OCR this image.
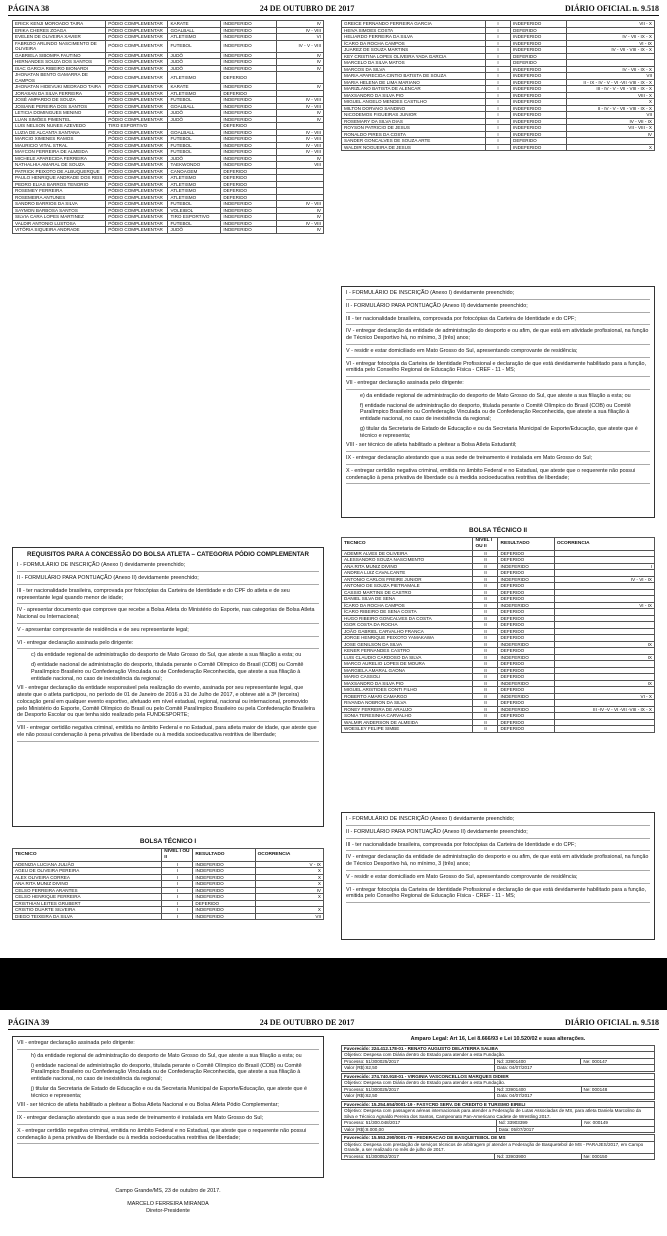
PÁGINA 38	24 DE OUTUBRO DE 2017	DIÁRIO OFICIAL n. 9.518
ERICK KENJI MOROADO TAIRA	PÓDIO COMPLEMENTAR	KARATE	INDEFERIDO	IV
ERIKA CHERES ZOAGA	PÓDIO COMPLEMENTAR	GOALBALL	INDEFERIDO	IV - VIII
EVELEN DE OLIVEIRA XAVIER	PÓDIO COMPLEMENTAR	ATLETISMO	INDEFERIDO	VI
FABRIZIO ARLINDO NASCIMENTO DE OLIVEIRA	PÓDIO COMPLEMENTAR	FUTEBOL	INDEFERIDO	IV - V - VIII
GABRIELA SIBOMPA FAUTINO	PÓDIO COMPLEMENTAR	JUDÔ	INDEFERIDO	IV
HERNANDES SOUZA DOS SANTOS	PÓDIO COMPLEMENTAR	JUDÔ	INDEFERIDO	IV
ISAC GARCIA RIBEIRO BIONARDI	PÓDIO COMPLEMENTAR	JUDÔ	INDEFERIDO	IV
JHONATAN BENTO GAMARRA DE CAMPOS	PÓDIO COMPLEMENTAR	ATLETISMO	DEFERIDO	
JHONATAN HIDEVUKI MEDRADO TAIRA	PÓDIO COMPLEMENTAR	KARATE	INDEFERIDO	IV
JORASAN DA SILVA FERREIRA	PÓDIO COMPLEMENTAR	ATLETISMO	DEFERIDO	
JOSÉ AMPARDO DE SOUZA	PÓDIO COMPLEMENTAR	FUTEBOL	INDEFERIDO	IV - VIII
JOSIANE PEREIRA DOS SANTOS	PÓDIO COMPLEMENTAR	GOALBALL	INDEFERIDO	IV - VIII
LETICIA DOMINGUES MENINO	PÓDIO COMPLEMENTAR	JUDÔ	INDEFERIDO	IV
LUAN SIMÕES PIMENTEL	PÓDIO COMPLEMENTAR	JUDÔ	INDEFERIDO	IV
LUIS NELSON NUNES AZEVEDO	TIRO ESPORTIVO		DEFERIDO	
LUZIA DE ALCANTA SANTANA	PÓDIO COMPLEMENTAR	GOALBALL	INDEFERIDO	IV - VIII
MARCIO XIMENES RAMOS	PÓDIO COMPLEMENTAR	FUTEBOL	INDEFERIDO	IV - VIII
MAURICIO VITAL STRAL	PÓDIO COMPLEMENTAR	FUTEBOL	INDEFERIDO	IV - VIII
MAYCON FERREIRA DE ALMEIDA	PÓDIO COMPLEMENTAR	FUTEBOL	INDEFERIDO	IV - VIII
MICHELE APARECIDA FERREIRA	PÓDIO COMPLEMENTAR	JUDÔ	INDEFERIDO	IV
NATHALHIA AMARAL DE SOUZA	PÓDIO COMPLEMENTAR	TAEKWONDO	INDEFERIDO	VIII
PATRICK PEIXOTO DE ALBUQUERQUE	PÓDIO COMPLEMENTAR	CANOAGEM	DEFERIDO	
PAULO HENRIQUE ANDRADE DOS REIS	PÓDIO COMPLEMENTAR	ATLETISMO	DEFERIDO	
PEDRO ELIAS BARROS TENORIO	PÓDIO COMPLEMENTAR	ATLETISMO	DEFERIDO	
ROSEMEY FERREIRA	PÓDIO COMPLEMENTAR	ATLETISMO	DEFERIDO	
ROSEMEIRA ANTUNES	PÓDIO COMPLEMENTAR	ATLETISMO	DEFERIDO	
SANDRO BARRIOS DA SILVA	PÓDIO COMPLEMENTAR	FUTEBOL	INDEFERIDO	IV - VIII
SAYMON BARBOSA SANTOS	PÓDIO COMPLEMENTAR	VOLEIBOL	INDEFERIDO	IV
SILVIA CARA LOPES MARTINEZ	PÓDIO COMPLEMENTAR	TIRO ESPORTIVO	INDEFERIDO	IV
VALDIR ANTONIO LUSTOSA	PÓDIO COMPLEMENTAR	FUTEBOL	INDEFERIDO	IV - VIII
VITÓRIA SIQUEIRA ANDRADE	PÓDIO COMPLEMENTAR	JUDÔ	INDEFERIDO	IV
REQUISITOS PARA A CONCESSÃO DO BOLSA ATLETA – CATEGORIA PÓDIO COMPLEMENTAR

I - FORMULÁRIO DE INSCRIÇÃO (Anexo I) devidamente preenchido;

II - FORMULÁRIO PARA PONTUAÇÃO (Anexo II) devidamente preenchido;

III - ter nacionalidade brasileira, comprovada por fotocópias da Carteira de Identidade e do CPF do atleta e de seu representante legal quando menor de idade;

IV - apresentar documento que comprove que recebe a Bolsa Atleta do Ministério do Esporte, nas categorias de Bolsa Atleta Nacional ou Internacional;

V - apresentar comprovante de residência e de seu representante legal;

VI - entregar declaração assinada pelo dirigente:

c) da entidade regional de administração do desporto de Mato Grosso do Sul, que ateste a sua filiação a esta; ou

d) entidade nacional de administração do desporto, titulada perante o Comitê Olímpico do Brasil (COB) ou Comitê Paralímpico Brasileiro ou Confederação Vinculada ou de Confederação Reconhecida, que ateste a sua filiação à entidade nacional, no caso de inexistência da regional;

VII - entregar declaração da entidade responsável pela realização do evento, assinada por seu representante legal, que ateste que o atleta participou, no período de 01 de Janeiro de 2016 a 31 de Julho de 2017, e obteve até a 3ª (terceira) colocação geral em qualquer evento esportivo, afetuado em nível estadual, regional, nacional ou internacional, promovido pelo Ministério do Esporte, Comitê Olímpico do Brasil ou pelo Comitê Paralímpico Brasileiro ou pela Confederação Brasileira de Desporto Escolar ou que tenha sido realizado pela FUNDESPORTE;

VIII - entregar certidão negativa criminal, emitida no âmbito Federal e no Estadual, para atleta maior de idade, que ateste que ele não possui condenação à pena privativa de liberdade ou à medida socioeducativa restritiva de liberdade;

BOLSA TÉCNICO I
TECNICO	NIVEL I OU II	RESULTADO	OCORRENCIA
ADENIZIA LUCIANA JULIÃO	I	INDEFERIDO	V - IX
AGEU DE OLIVEIRA PEREIRA	I	INDEFERIDO	X
ALEX OLIVEIRA CORREA	I	INDEFERIDO	X
ANA RITA MUNIZ DIVINO	I	INDEFERIDO	X
CELSO FERREIRA ARANTES	I	INDEFERIDO	IV
CELSO HENRIQUE FERREIRA	I	INDEFERIDO	X
CRISTHIAN LEITES GRUBERT	I	DEFERIDO	
CRISTIO DUARTE SILVEIRA	I	INDEFERIDO	X
DIEGO TEIXEIRA DA SILVA	I	INDEFERIDO	VII
GREICE FERNANDO FERREIRA GARCIA	I	INDEFERIDO	VII - X
HEIVA SIMOES COSTA	I	DEFERIDO	
HELIARDO FERREIRA DA SILVA	I	INDEFERIDO	IV - VII - IX - X
ÍCARO DA ROCHA CAMPOS	I	INDEFERIDO	VI - IX
JUAREZ DE SOUZA MARTINS	I	INDEFERIDO	IV - VII - VIII - IX - X
KEY CRISTINA LOPES OLIVEIRA YADA GARCIA	I	DEFERIDO	
MARCELO DA SILVA MATOS	I	DEFERIDO	
MARCOS DA SILVA	I	INDEFERIDO	IV - VII - IX - X
MARIA APARECIDA CINTIO BATISTA DE SOUZA	I	INDEFERIDO	VII
MARIA HELENA DE LIMA MARIANO	I	INDEFERIDO	II - IX - IV - V - VI -VII -VIII - IX - X
MARIZLANO BATISTA DE ALENCAR	I	INDEFERIDO	III - IV - V - VII - VIII - IX - X
MAXSANDRO DA SILVA PIO	I	INDEFERIDO	VIII - X
MIGUEL ANGELO MENDES CASTILHO	I	INDEFERIDO	X
MILTON DORVAIO SANDINO	I	INDEFERIDO	II - IV - V - VII - VIII - IX - X
NICODEMOS FIGUEIRAS JUNIOR	I	INDEFERIDO	VII
ROSEMARY DA SILVA DIAS	I	INDEFERIDO	IV - VII - IX
ROYSON PATRICIO DE JESUS	I	INDEFERIDO	VII - VIII - X
RONALDO PIRES DA COSTA	I	INDEFERIDO	IV
SANDER GONCALVES DE SOUZA ARTE	I	DEFERIDO	
WALDIR NOGUEIRA DE JESUS	I	INDEFERIDO	X

I - FORMULÁRIO DE INSCRIÇÃO (Anexo I) devidamente preenchido;

II - FORMULÁRIO PARA PONTUAÇÃO (Anexo II) devidamente preenchido;

III - ter nacionalidade brasileira, comprovada por fotocópias da Carteira de Identidade e do CPF;

IV - entregar declaração da entidade de administração do desporto e ou afim, de que está em atividade profissional, na função de Técnico Desportivo há, no mínimo, 3 (três) anos;

V - residir e estar domiciliado em Mato Grosso do Sul, apresentando comprovante de residência;

VI - entregar fotocópia da Carteira de Identidade Profissional e declaração de que está devidamente habilitado para a função, emitida pelo Conselho Regional de Educação Física - CREF - 11 - MS;

VII - entregar declaração assinada pelo dirigente:

e) da entidade regional de administração do desporto de Mato Grosso do Sul, que ateste a sua filiação a esta; ou

f) entidade nacional de administração do desporto, titulada perante o Comitê Olímpico do Brasil (COB) ou Comitê Paralímpico Brasileiro ou Confederação Vinculada ou de Confederação Reconhecida, que ateste a sua filiação à entidade nacional, no caso de inexistência da regional;

g) titular da Secretaria de Estado de Educação e ou da Secretaria Municipal de Esporte/Educação, que ateste que é técnico e representa;

VIII - ser técnico de atleta habilitado a pleitear a Bolsa Atleta Estudantil;

IX - entregar declaração atestando que a sua sede de treinamento é instalada em Mato Grosso do Sul;

X - entregar certidão negativa criminal, emitida no âmbito Federal e no Estadual, que ateste que o requerente não possui condenação à pena privativa de liberdade ou à medida socioeducativa restritiva de liberdade;

BOLSA TÉCNICO II
TECNICO	NIVEL I OU II	RESULTADO	OCORRENCIA
ADEMIR ALVES DE OLIVEIRA	II	DEFERIDO	
ALESSANDRO SOUZA NASCIMENTO	II	DEFERIDO	
ANA RITA MUNIZ DIVINO	II	INDEFERIDO	I
ANDREA LUIZ CAVALCANTE	II	DEFERIDO	
ANTONIO CARLOS FREIRE JUNIOR	II	INDEFERIDO	IV - VI - IX
ANTONIO DE SOUZA PIETRAMALE	II	DEFERIDO	
CASSIO MARTINS DE CASTRO	II	DEFERIDO	
DANIEL SILVA DE SENA	II	DEFERIDO	
ÍCARO DA ROCHA CAMPOS	II	INDEFERIDO	VI - IX
ÍCARO RIBEIRO DE SENA COSTA	II	DEFERIDO	
HUGO RIBEIRO GONCALVES DA COSTA	II	DEFERIDO	
IGOR COSTA DA ROCHA	II	DEFERIDO	
JOÃO GABRIEL CARVALHO FRANCA	II	DEFERIDO	
JORGE HENRIQUE PEIXOTO YAMAKAWA	II	DEFERIDO	
JOSE GENILSON DA SILVA	II	INDEFERIDO	IX
KENER FERNANDES CASTRO	II	DEFERIDO	
LUIS CLAUDIO CARDOSO DA SILVA	II	INDEFERIDO	IX
MARCO AURELIO LOPES DE MOURA	II	DEFERIDO	
MARGIELA AMARAL GAONA	II	DEFERIDO	
MARIO CASSOLI	II	DEFERIDO	
MAXSANDRO DA SILVA PIO	II	INDEFERIDO	IX
MIGUEL ARISTIDES CONTI FILHO	II	DEFERIDO	
ROBERTO AMARI CAMARGO	II	INDEFERIDO	VI - X
RIVANDA NOBRON DA SILVA	II	DEFERIDO	
RONEY FERREIRA DE ARAUJO	II	INDEFERIDO	III -IV -V - VI -VII -VIII - IX - X
SONIA TERESINHA CARVALHO	II	DEFERIDO	
WALMIR ANDERSON DE ALMEIDA	II	DEFERIDO	
WOESLEY FELIPE SIMBE	II	DEFERIDO	

I - FORMULÁRIO DE INSCRIÇÃO (Anexo I) devidamente preenchido;

II - FORMULÁRIO PARA PONTUAÇÃO (Anexo II) devidamente preenchido;

III - ter nacionalidade brasileira, comprovada por fotocópias da Carteira de Identidade e do CPF;

IV - entregar declaração da entidade de administração do desporto e ou afim, de que está em atividade profissional, na função de Técnico Desportivo há, no mínimo, 3 (três) anos;

V - residir e estar domiciliado em Mato Grosso do Sul, apresentando comprovante de residência;

VI - entregar fotocópia da Carteira de Identidade Profissional e declaração de que está devidamente habilitado para a função, emitida pelo Conselho Regional de Educação Física - CREF - 11 - MS;

PÁGINA 39	24 DE OUTUBRO DE 2017	DIÁRIO OFICIAL n. 9.518

VII - entregar declaração assinada pelo dirigente:

h) da entidade regional de administração do desporto de Mato Grosso do Sul, que ateste a sua filiação a esta; ou

i) entidade nacional de administração do desporto, titulada perante o Comitê Olímpico do Brasil (COB) ou Comitê Paralímpico Brasileiro ou Confederação Vinculada ou de Confederação Reconhecida, que ateste a sua filiação à entidade nacional, no caso de inexistência da regional;

j) titular da Secretaria de Estado de Educação e ou da Secretaria Municipal de Esporte/Educação, que ateste que é técnico e representa;

VIII - ser técnico de atleta habilitado a pleitear a Bolsa Atleta Nacional e ou Bolsa Atleta Pódio Complementar;

IX - entregar declaração atestando que a sua sede de treinamento é instalada em Mato Grosso do Sul;

X - entregar certidão negativa criminal, emitida no âmbito Federal e no Estadual, que ateste que o requerente não possui condenação à pena privativa de liberdade ou à medida socioeducativa restritiva de liberdade;

Campo Grande/MS, 23 de outubro de 2017.
MARCELO FERREIRA MIRANDA
Diretor-Presidente
Amparo Legal: Art 16, Lei 8.666/93 e Lei 10.520/02 e suas alterações.
Favorecido: 224.412.178-01 - RENATO AUGUSTO DELATERRA SALIBA		
Objetivo: Despesa com Diária dentro do Estado para atender a esta Fundação.		
Processo: 51/300025/2017	Nd: 33901400	Ne: 000147
Valor (R$):62,50	Data: 04/07/2017	
Favorecido: 274.740.918-01 - VIRGINIA VASCONCELLOS MARQUES DIDIER		
Objetivo: Despesa com Diária dentro do Estado para atender a esta Fundação.		
Processo: 51/300025/2017	Nd: 33901400	Ne: 000148
Valor (R$):62,50	Data: 04/07/2017	
Favorecido: 15.254.654/0001-19 - FASYCRD SERV. DE CREDITO E TURISMO EIRELI		
Objetivo: Despesa com passagens aéreas internacionais para atender a Federação de Lutas Associadas de MS, para atleta Daniela Marcolino da Silva e Técnico Agnaldo Pereira dos Santos, Campeonato Pan-Americano Cadete de Wrestling 2017.		
Processo: 51/300.048/2017	Nd: 33903399	Ne: 000149
Valor (R$):8.000,00	Data: 05/07/2017	
Favorecido: 15.553.290/0001-78 - FEDERACAO DE BASQUETEBOL DE MS
Objetivo: Despesa com prestação de serviços técnicos de arbitragem p/ atender a Federação de Basquetebol de MS - PARAJES/2017, em Campo Grande, a ser realizado no mês de julho de 2017.
Processo: 51/300052/2017	Nd: 33903900	Ne: 000150
